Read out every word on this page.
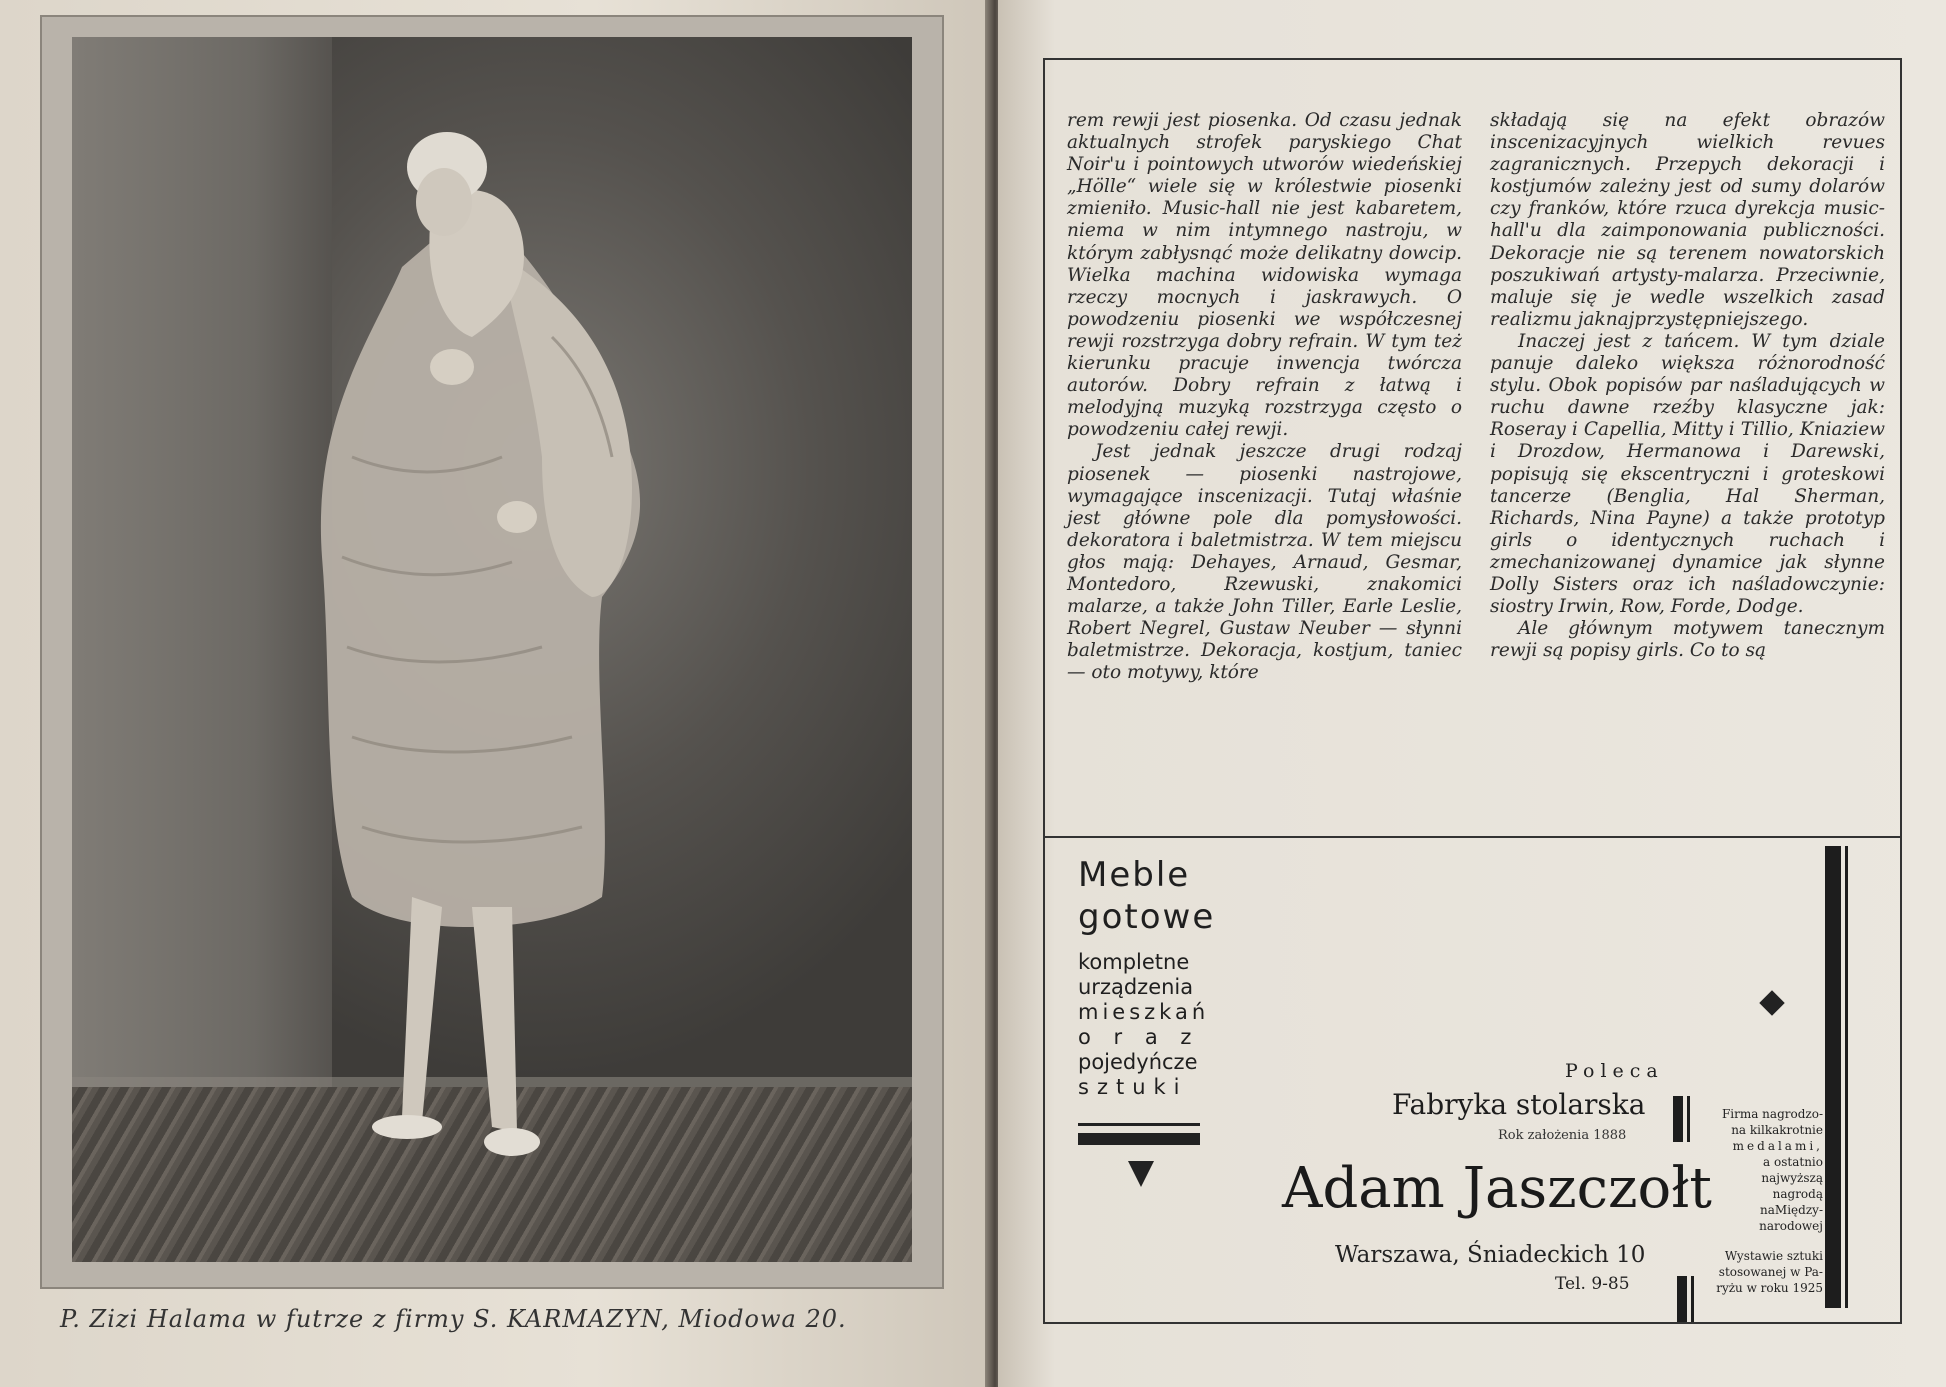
P. Zizi Halama w futrze z firmy S. KARMAZYN, Miodowa 20.

rem rewji jest piosenka. Od czasu jednak aktualnych strofek paryskiego Chat Noir'u i pointowych utworów wiedeńskiej „Hölle“ wiele się w królestwie piosenki zmieniło. Music-hall nie jest kabaretem, niema w nim intymnego nastroju, w którym zabłysnąć może delikatny dowcip. Wielka machina widowiska wymaga rzeczy mocnych i jaskrawych. O powodzeniu piosenki we współczesnej rewji rozstrzyga dobry refrain. W tym też kierunku pracuje inwencja twórcza autorów. Dobry refrain z łatwą i melodyjną muzyką rozstrzyga często o powodzeniu całej rewji.

Jest jednak jeszcze drugi rodzaj piosenek — piosenki nastrojowe, wymagające inscenizacji. Tutaj właśnie jest główne pole dla pomysłowości. dekoratora i baletmistrza. W tem miejscu głos mają: Dehayes, Arnaud, Gesmar, Montedoro, Rzewuski, znakomici malarze, a także John Tiller, Earle Leslie, Robert Negrel, Gustaw Neuber — słynni baletmistrze. Dekoracja, kostjum, taniec — oto motywy, które

składają się na efekt obrazów inscenizacyjnych wielkich revues zagranicznych. Przepych dekoracji i kostjumów zależny jest od sumy dolarów czy franków, które rzuca dyrekcja music-hall'u dla zaimponowania publiczności. Dekoracje nie są terenem nowatorskich poszukiwań artysty-malarza. Przeciwnie, maluje się je wedle wszelkich zasad realizmu jaknajprzystępniejszego.

Inaczej jest z tańcem. W tym dziale panuje daleko większa różnorodność stylu. Obok popisów par naśladujących w ruchu dawne rzeźby klasyczne jak: Roseray i Capellia, Mitty i Tillio, Kniaziew i Drozdow, Hermanowa i Darewski, popisują się ekscentryczni i groteskowi tancerze (Benglia, Hal Sherman, Richards, Nina Payne) a także prototyp girls o identycznych ruchach i zmechanizowanej dynamice jak słynne Dolly Sisters oraz ich naśladowczynie: siostry Irwin, Row, Forde, Dodge.

Ale głównym motywem tanecznym rewji są popisy girls. Co to są

Meble
gotowe
kompletne
urządzenia
mieszkań
o r a z
pojedyńcze
sztuki
Poleca
Fabryka stolarska
Rok założenia 1888
Adam Jaszczołt
Warszawa, Śniadeckich 10
Tel. 9-85
Firma nagrodzo-
na kilkakrotnie
medalami,
a ostatnio
najwyższą
nagrodą
naMiędzy-
narodowej
Wystawie sztuki
stosowanej w Pa-
ryżu w roku 1925
